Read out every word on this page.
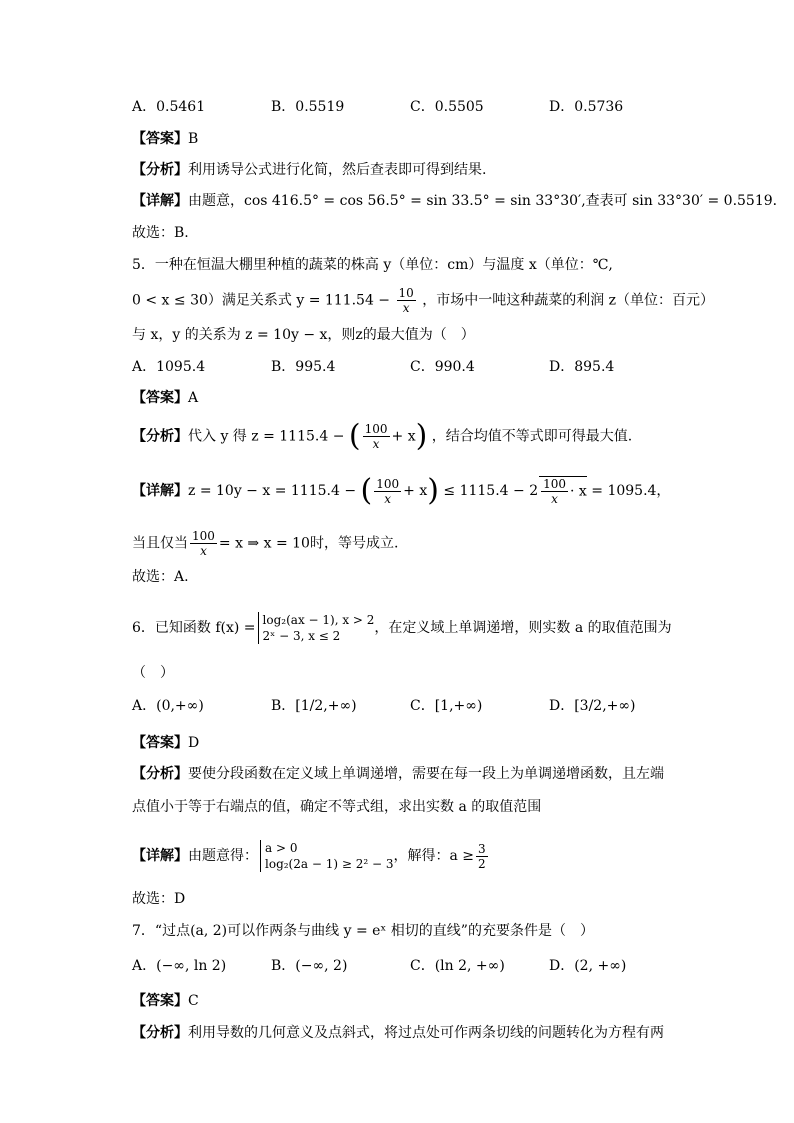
A．0.5461	B．0.5519	C．0.5505	D．0.5736
【答案】B
【分析】利用诱导公式进行化简，然后查表即可得到结果.
【详解】由题意，cos 416.5° = cos 56.5° = sin 33.5° = sin 33°30′,查表可 sin 33°30′ = 0.5519．
故选：B.
5．一种在恒温大棚里种植的蔬菜的株高 y（单位：cm）与温度 x（单位：℃,
0 < x ≤ 30）满足关系式 $y = 111.54 - \frac{10}{x}$ ，市场中一吨这种蔬菜的利润 z（单位：百元）
与 x，y 的关系为 z = 10y − x，则z的最大值为（　）
A．1095.4	B．995.4	C．990.4	D．895.4
【答案】A
【分析】代入 y 得 z = 1115.4 − ( $\frac{100}{x} + x$) ，结合均值不等式即可得最大值.
【详解】z = 10y − x = 1115.4 − ( $\frac{100}{x} + x) \le 1115.4 - 2 \frac{100}{x} \cdot x = 1095.4$，
当且仅当 $\frac{100}{x} = x$ ⇒ x = 10时，等号成立.
故选：A.
6．已知函数 f(x) = log₂(ax − 1), x > 2
2ˣ − 3, x ≤ 2 ，在定义域上单调递增，则实数 a 的取值范围为
（　）
A．(0,+∞)	B．[1/2,+∞)	C．[1,+∞)	D．[3/2,+∞)
【答案】D
【分析】要使分段函数在定义域上单调递增，需要在每一段上为单调递增函数，且左端
点值小于等于右端点的值，确定不等式组，求出实数 a 的取值范围
【详解】由题意得： a > 0
log₂(2a − 1) ≥ 2² − 3，解得：$a \ge \frac{3}{2}$
故选：D
7．“过点(a, 2)可以作两条与曲线 y = eˣ 相切的直线”的充要条件是（　）
A．(−∞, ln 2)	B．(−∞, 2)	C．(ln 2, +∞)	D．(2, +∞)
【答案】C
【分析】利用导数的几何意义及点斜式，将过点处可作两条切线的问题转化为方程有两
